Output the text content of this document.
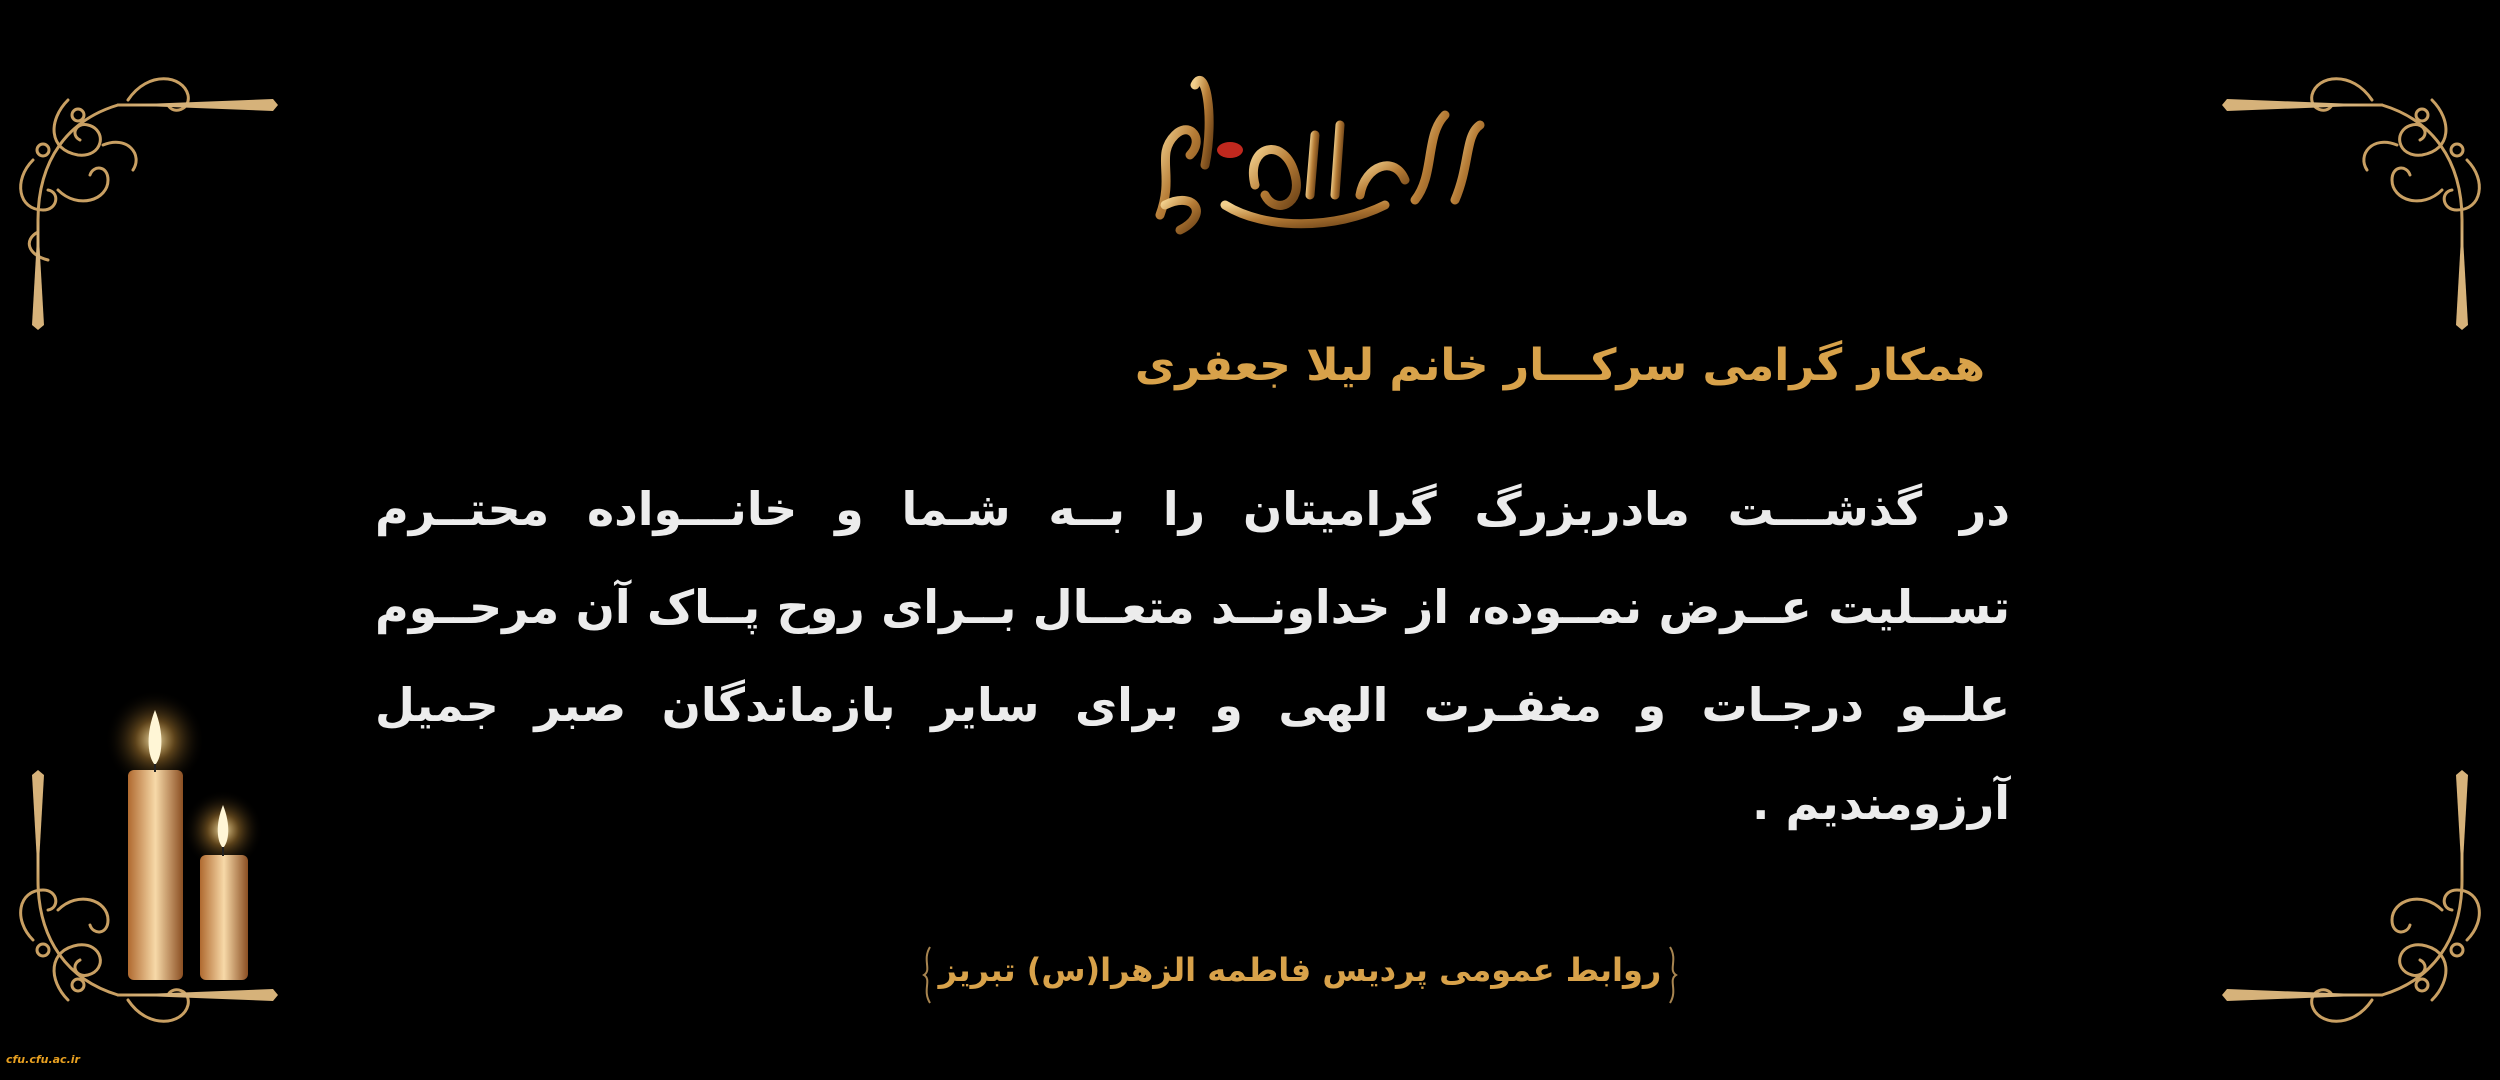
همکار گرامی سرکـــار خانم لیلا جعفری
در گذشـــت مادربزرگ گرامیتان را بــه شـما و خانـــواده محتــرم تســلیت عــرض نمــوده، از خداونــد متعــال بــرای روح پــاک آن مرحــوم علــو درجـات و مغفـرت الهی و برای سایر بازماندگان صبر جمیل آرزومندیم .
روابط عمومی پردیس فاطمه الزهرا(س) تبریز
cfu.cfu.ac.ir
